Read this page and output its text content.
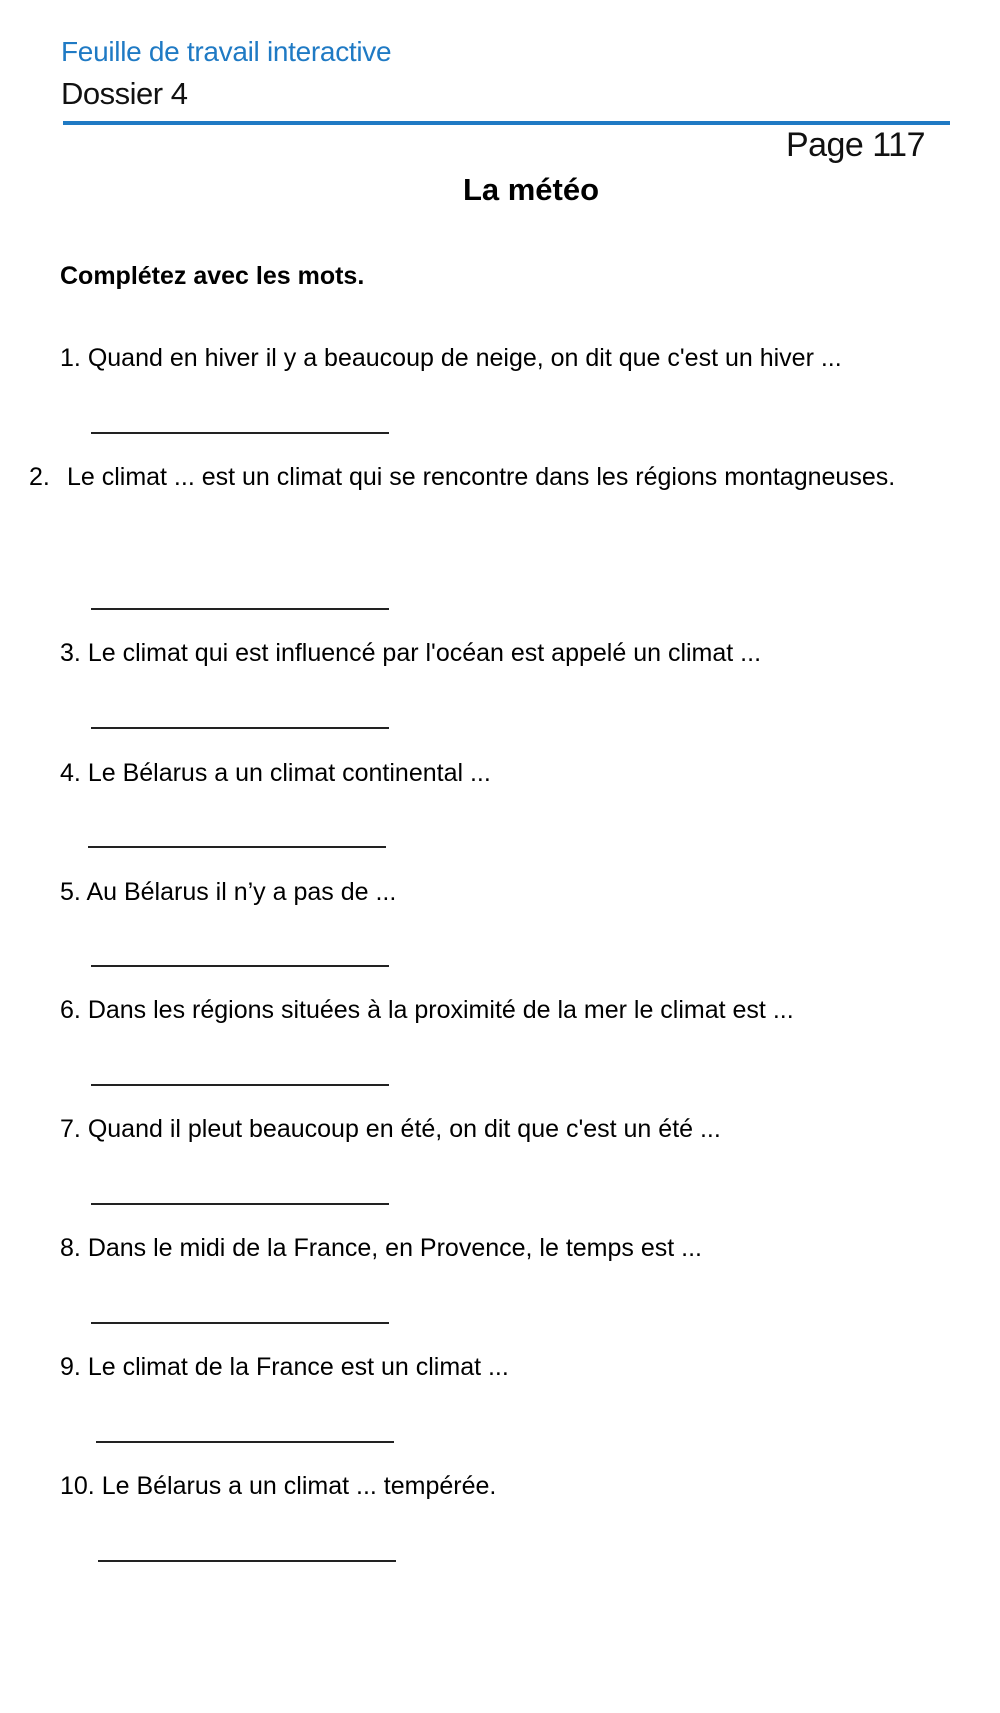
Feuille de travail interactive
Dossier 4
Page 117
La météo
Complétez avec les mots.
1. Quand en hiver il y a beaucoup de neige, on dit que c'est un hiver ...
2. Le climat ... est un climat qui se rencontre dans les régions montagneuses.
3. Le climat qui est influencé par l'océan est appelé un climat ...
4. Le Bélarus a un climat continental ...
5. Au Bélarus il n’y a pas de ...
6. Dans les régions situées à la proximité de la mer le climat est ...
7. Quand il pleut beaucoup en été, on dit que c'est un été ...
8. Dans le midi de la France, en Provence, le temps est ...
9. Le climat de la France est un climat ...
10. Le Bélarus a un climat ... tempérée.
